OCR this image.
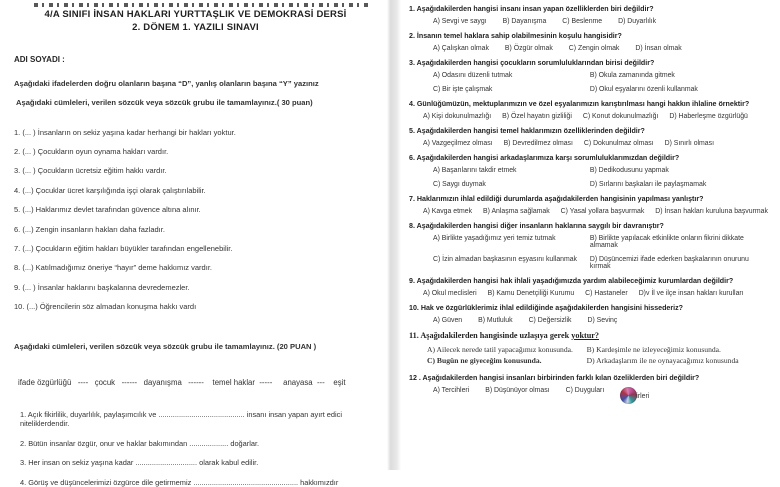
4/A SINIFI İNSAN HAKLARI YURTTAŞLIK VE DEMOKRASİ DERSİ
2. DÖNEM 1. YAZILI SINAVI
ADI SOYADI :
Aşağıdaki ifadelerden doğru olanların başına “D”, yanlış olanların başına “Y” yazınız
Aşağıdaki cümleleri, verilen sözcük veya sözcük grubu ile tamamlayınız.( 30 puan)
1. (... ) İnsanların on sekiz yaşına kadar herhangi bir hakları yoktur.
2. (... ) Çocukların oyun oynama hakları vardır.
3. (... ) Çocukların ücretsiz eğitim hakkı vardır.
4. (...) Çocuklar ücret karşılığında işçi olarak çalıştırılabilir.
5. (...) Haklarımız devlet tarafından güvence altına alınır.
6. (...) Zengin insanların hakları daha fazladır.
7. (...) Çocukların eğitim hakları büyükler tarafından engellenebilir.
8. (...) Katılmadığımız öneriye “hayır” deme hakkımız vardır.
9. (... ) İnsanlar haklarını başkalarına devredemezler.
10. (...) Öğrencilerin söz almadan konuşma hakkı vardı
Aşağıdaki cümleleri, verilen sözcük veya sözcük grubu ile tamamlayınız. (20 PUAN )
ifade özgürlüğü   ----   çocuk   ------   dayanışma   ------    temel haklar  -----     anayasa  ---    eşit
1. Açık fikirlilik, duyarlılık, paylaşımcılık ve .......................................... insanı insan yapan ayırt edici niteliklerdendir.
2. Bütün insanlar özgür, onur ve haklar bakımından ................... doğarlar.
3. Her insan on sekiz yaşına kadar .............................. olarak kabul edilir.
4. Görüş ve düşüncelerimizi özgürce dile getirmemiz ................................................... hakkımızdır
1. Aşağıdakilerden hangisi insanı insan yapan özelliklerden biri değildir?
A) Sevgi ve saygı B) Dayanışma C) Beslenme D) Duyarlılık
2. İnsanın temel haklara sahip olabilmesinin koşulu hangisidir?
A) Çalışkan olmak B) Özgür olmak C) Zengin olmak D) İnsan olmak
3. Aşağıdakilerden hangisi çocukların sorumluluklarından birisi değildir?
A) Odasını düzenli tutmak	B) Okula zamanında gitmek
C) Bir işte çalışmak	D) Okul eşyalarını özenli kullanmak
4. Günlüğümüzün, mektuplarımızın ve özel eşyalarımızın karıştırılması hangi hakkın ihlaline örnektir?
A) Kişi dokunulmazlığı B) Özel hayatın gizliliği C) Konut dokunulmazlığı D) Haberleşme özgürlüğü
5. Aşağıdakilerden hangisi temel haklarımızın özelliklerinden değildir?
A) Vazgeçilmez olması B) Devredilmez olması C) Dokunulmaz olması D) Sınırlı olması
6. Aşağıdakilerden hangisi arkadaşlarımıza karşı sorumluluklarımızdan değildir?
A) Başarılarını takdir etmek	B) Dedikodusunu yapmak
C) Saygı duymak	D) Sırlarını başkaları ile paylaşmamak
7. Haklarımızın ihlal edildiği durumlarda aşağıdakilerden hangisinin yapılması yanlıştır?
A) Kavga etmek B) Anlaşma sağlamak C) Yasal yollara başvurmak D) İnsan hakları kuruluna başvurmak
8. Aşağıdakilerden hangisi diğer insanların haklarına saygılı bir davranıştır?
A) Birlikte yaşadığımız yeri temiz tutmak	B) Birlikte yapılacak etkinlikte onların fikrini dikkate almamak
C) İzin almadan başkasının eşyasını kullanmak	D) Düşüncemizi ifade ederken başkalarının onurunu kırmak
9. Aşağıdakilerden hangisi hak ihlali yaşadığımızda yardım alabileceğimiz kurumlardan değildir?
A) Okul meclisleri B) Kamu Denetçiliği Kurumu C) Hastaneler D)v İl ve ilçe insan hakları kurulları
10. Hak ve özgürlüklerimiz ihlal edildiğinde aşağıdakilerden hangisini hissederiz?
A) Güven B) Mutluluk C) Değersizlik D) Sevinç
11. Aşağıdakilerden hangisinde uzlaşıya gerek yoktur?
A) Ailecek nerede tatil yapacağımız konusunda.	B) Kardeşimle ne izleyeceğimiz konusunda.
C) Bugün ne giyeceğim konusunda.	D) Arkadaşlarım ile ne oynayacağımız konusunda
12 . Aşağıdakilerden hangisi insanları birbirinden farklı kılan özeliklerden biri değildir?
A) Tercihleri B) Düşünüyor olması C) Duyguları
irleri
